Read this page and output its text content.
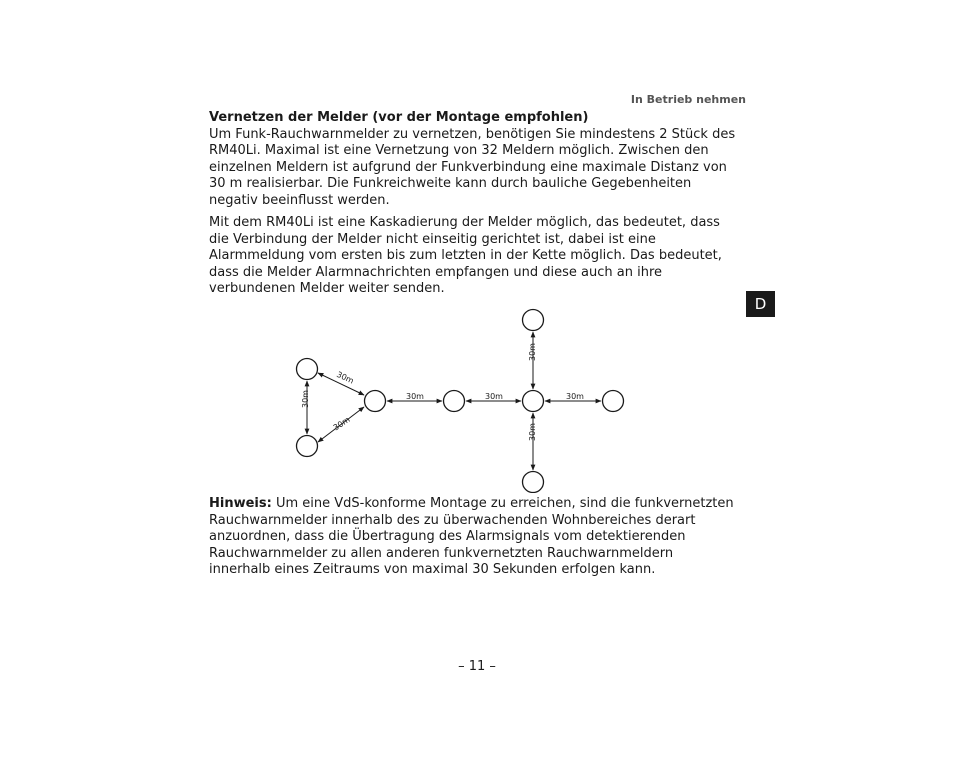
In Betrieb nehmen

Vernetzen der Melder (vor der Montage empfohlen)

Um Funk-Rauchwarnmelder zu vernetzen, benötigen Sie mindestens 2 Stück des RM40Li. Maximal ist eine Vernetzung von 32 Meldern möglich. Zwischen den einzelnen Meldern ist aufgrund der Funkverbindung eine maximale Distanz von 30 m realisierbar. Die Funkreichweite kann durch bauliche Gegebenheiten negativ beeinflusst werden.

Mit dem RM40Li ist eine Kaskadierung der Melder möglich, das bedeutet, dass die Verbindung der Melder nicht einseitig gerichtet ist, dabei ist eine Alarmmeldung vom ersten bis zum letzten in der Kette möglich. Das bedeutet, dass die Melder Alarmnachrichten empfangen und diese auch an ihre verbundenen Melder weiter senden.

D
30m
30m
30m	30m	30m	30m
30m
30m

Hinweis: Um eine VdS-konforme Montage zu erreichen, sind die funkvernetzten Rauchwarnmelder innerhalb des zu überwachenden Wohnbereiches derart anzuordnen, dass die Übertragung des Alarmsignals vom detektierenden Rauchwarnmelder zu allen anderen funkvernetzten Rauchwarnmeldern innerhalb eines Zeitraums von maximal 30 Sekunden erfolgen kann.

– 11 –
